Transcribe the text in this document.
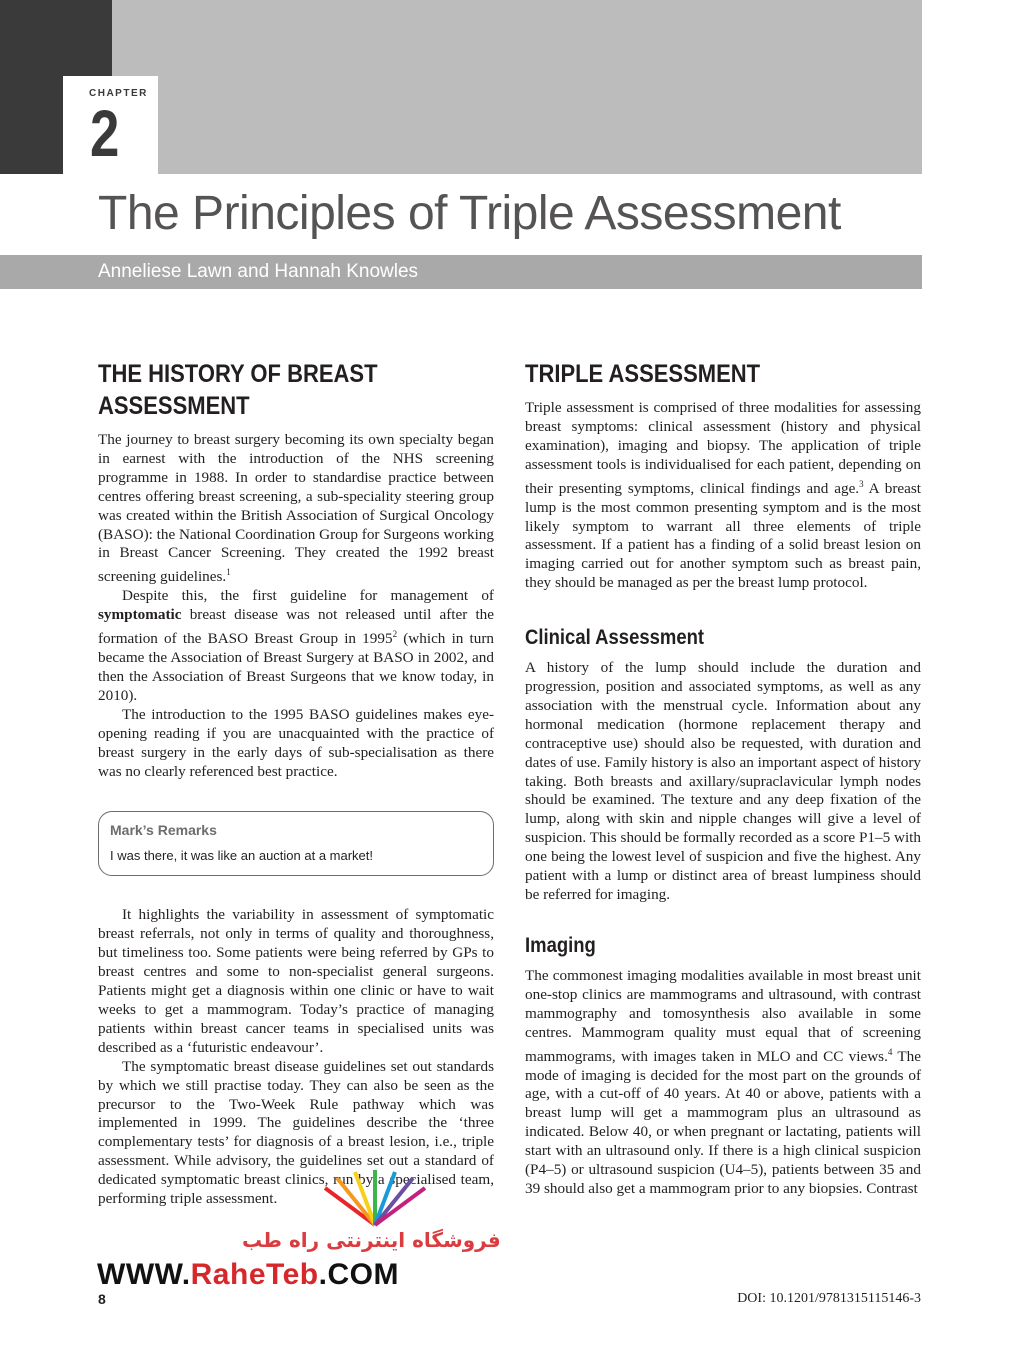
CHAPTER
2
The Principles of Triple Assessment
Anneliese Lawn and Hannah Knowles
THE HISTORY OF BREAST ASSESSMENT

The journey to breast surgery becoming its own specialty began in earnest with the introduction of the NHS screening programme in 1988. In order to standardise practice between centres offering breast screening, a sub-speciality steering group was created within the British Association of Surgical Oncology (BASO): the National Coordination Group for Surgeons working in Breast Cancer Screening. They created the 1992 breast screening guidelines.$^1$

Despite this, the first guideline for management of symptomatic breast disease was not released until after the formation of the BASO Breast Group in 1995$^2$ (which in turn became the Association of Breast Surgery at BASO in 2002, and then the Association of Breast Surgeons that we know today, in 2010).

The introduction to the 1995 BASO guidelines makes eye-opening reading if you are unacquainted with the practice of breast surgery in the early days of sub-specialisation as there was no clearly referenced best practice.

Mark’s Remarks
I was there, it was like an auction at a market!

It highlights the variability in assessment of symptomatic breast referrals, not only in terms of quality and thoroughness, but timeliness too. Some patients were being referred by GPs to breast centres and some to non-specialist general surgeons. Patients might get a diagnosis within one clinic or have to wait weeks to get a mammogram. Today’s practice of managing patients within breast cancer teams in specialised units was described as a ‘futuristic endeavour’.

The symptomatic breast disease guidelines set out standards by which we still practise today. They can also be seen as the precursor to the Two-Week Rule pathway which was implemented in 1999. The guidelines describe the ‘three complementary tests’ for diagnosis of a breast lesion, i.e., triple assessment. While advisory, the guidelines set out a standard of dedicated symptomatic breast clinics, run by a specialised team, performing triple assessment.

TRIPLE ASSESSMENT

Triple assessment is comprised of three modalities for assessing breast symptoms: clinical assessment (history and physical examination), imaging and biopsy. The application of triple assessment tools is individualised for each patient, depending on their presenting symptoms, clinical findings and age.$^3$ A breast lump is the most common presenting symptom and is the most likely symptom to warrant all three elements of triple assessment. If a patient has a finding of a solid breast lesion on imaging carried out for another symptom such as breast pain, they should be managed as per the breast lump protocol.

Clinical Assessment

A history of the lump should include the duration and progression, position and associated symptoms, as well as any association with the menstrual cycle. Information about any hormonal medication (hormone replacement therapy and contraceptive use) should also be requested, with duration and dates of use. Family history is also an important aspect of history taking. Both breasts and axillary/supraclavicular lymph nodes should be examined. The texture and any deep fixation of the lump, along with skin and nipple changes will give a level of suspicion. This should be formally recorded as a score P1–5 with one being the lowest level of suspicion and five the highest. Any patient with a lump or distinct area of breast lumpiness should be referred for imaging.

Imaging

The commonest imaging modalities available in most breast unit one-stop clinics are mammograms and ultrasound, with contrast mammography and tomosynthesis also available in some centres. Mammogram quality must equal that of screening mammograms, with images taken in MLO and CC views.$^4$ The mode of imaging is decided for the most part on the grounds of age, with a cut-off of 40 years. At 40 or above, patients with a breast lump will get a mammogram plus an ultrasound as indicated. Below 40, or when pregnant or lactating, patients will start with an ultrasound only. If there is a high clinical suspicion (P4–5) or ultrasound suspicion (U4–5), patients between 35 and 39 should also get a mammogram prior to any biopsies. Contrast

فروشگاه اینترنتی راه طب
WWW.RaheTeb.COM
8	DOI: 10.1201/9781315115146-3
